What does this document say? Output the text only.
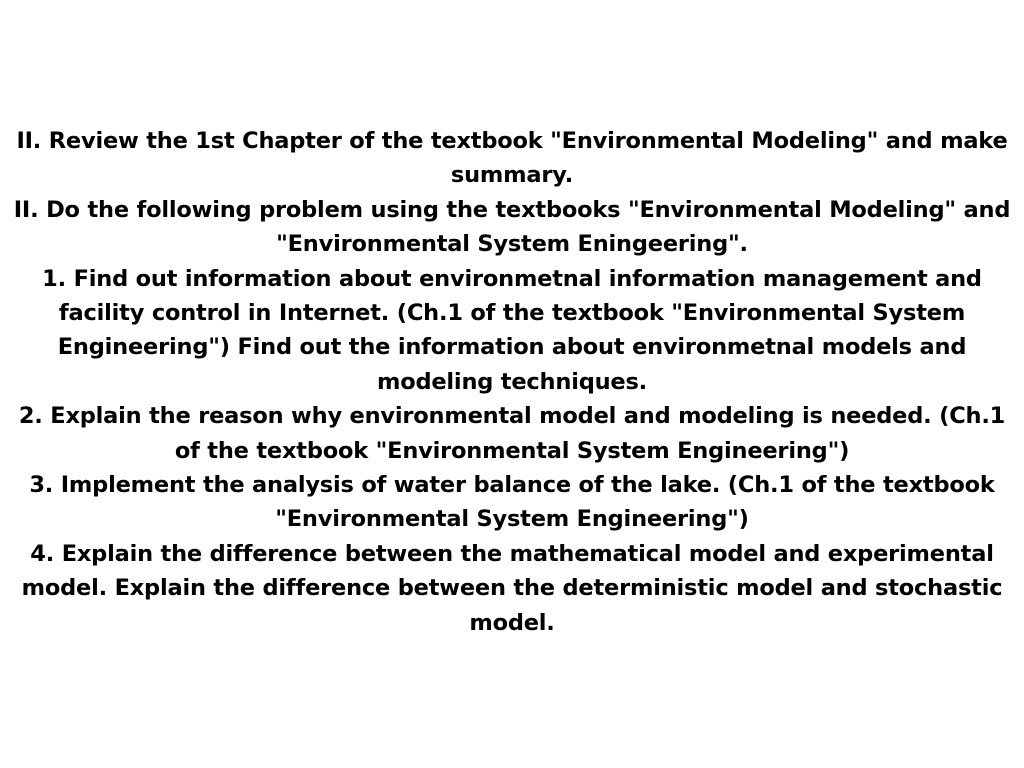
II. Review the 1st Chapter of the textbook "Environmental Modeling" and make summary.

II. Do the following problem using the textbooks "Environmental Modeling" and "Environmental System Eningeering".

1. Find out information about environmetnal information management and facility control in Internet. (Ch.1 of the textbook "Environmental System Engineering") Find out the information about environmetnal models and modeling techniques.

2. Explain the reason why environmental model and modeling is needed. (Ch.1 of the textbook "Environmental System Engineering")

3. Implement the analysis of water balance of the lake. (Ch.1 of the textbook "Environmental System Engineering")

4. Explain the difference between the mathematical model and experimental model. Explain the difference between the deterministic model and stochastic model.
